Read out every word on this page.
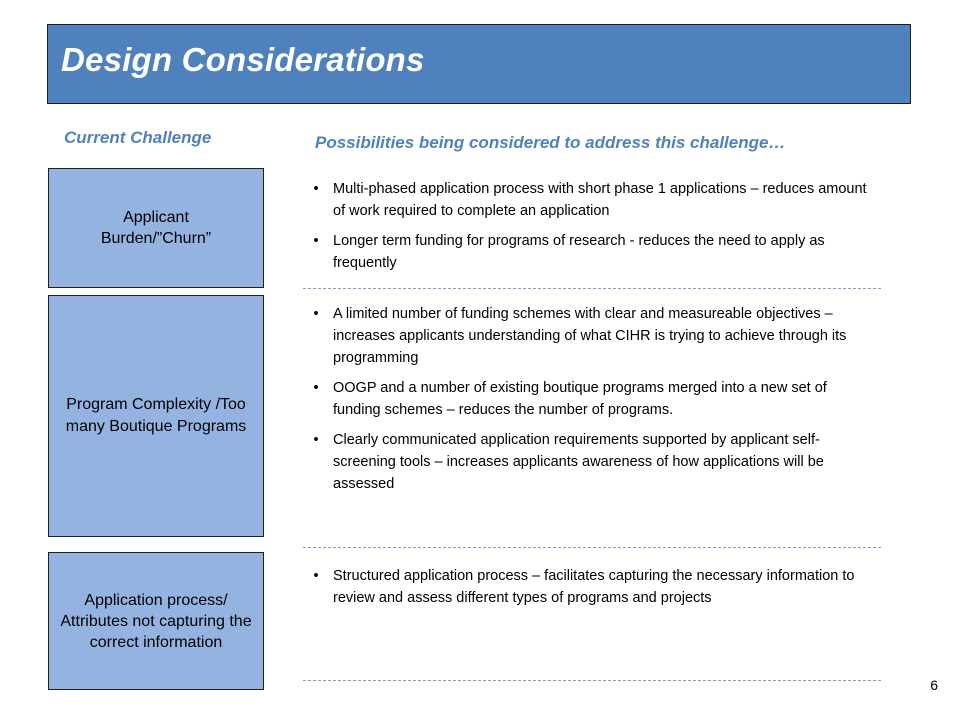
Design Considerations
Current Challenge	Possibilities being considered to address this challenge…
Applicant Burden/”Churn”
• Multi-phased application process with short phase 1 applications – reduces amount of work required to complete an application
• Longer term funding for programs of research - reduces the need to apply as frequently
Program Complexity /Too many Boutique Programs
• A limited number of funding schemes with clear and measureable objectives – increases applicants understanding of what CIHR is trying to achieve through its programming
• OOGP and a number of existing boutique programs merged into a new set of funding schemes – reduces the number of programs.
• Clearly communicated application requirements supported by applicant self-screening tools – increases applicants awareness of how applications will be assessed
Application process/ Attributes not capturing the correct information
• Structured application process – facilitates capturing the necessary information to review and assess different types of programs and projects
6
